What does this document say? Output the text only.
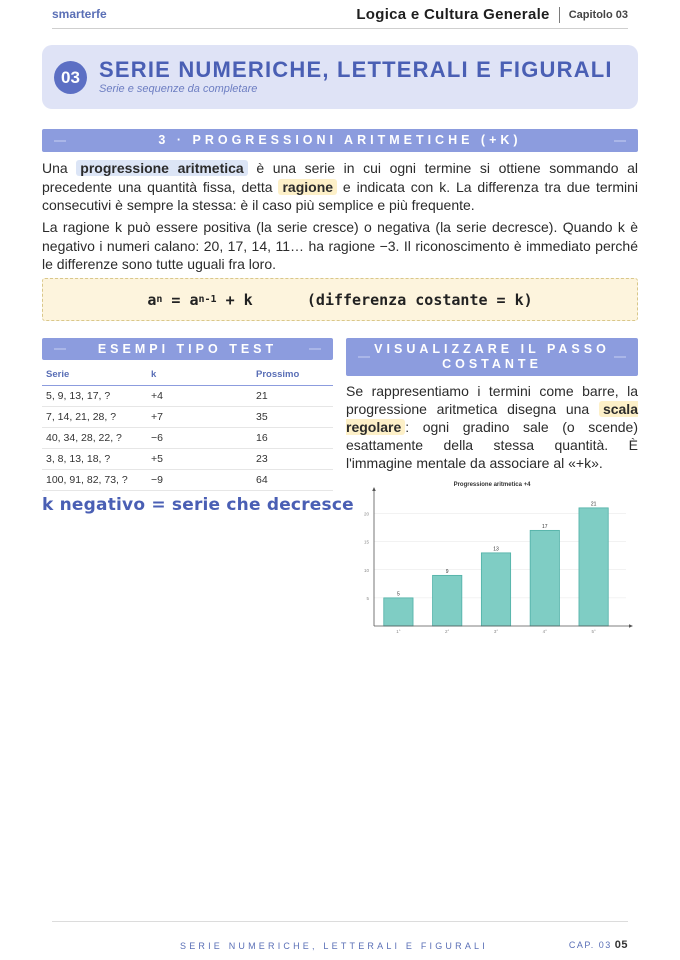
smarterfe	Logica e Cultura Generale Capitolo 03
03 SERIE NUMERICHE, LETTERALI E FIGURALI
Serie e sequenze da completare
3 · PROGRESSIONI ARITMETICHE (+K)
Una progressione aritmetica è una serie in cui ogni termine si ottiene sommando al precedente una quantità fissa, detta ragione e indicata con k. La differenza tra due termini consecutivi è sempre la stessa: è il caso più semplice e più frequente.
La ragione k può essere positiva (la serie cresce) o negativa (la serie decresce). Quando k è negativo i numeri calano: 20, 17, 14, 11… ha ragione −3. Il riconoscimento è immediato perché le differenze sono tutte uguali fra loro.
a n = a n-1 + k      (differenza costante = k)
ESEMPI TIPO TEST
Serie	k	Prossimo
5, 9, 13, 17, ?	+4	21
7, 14, 21, 28, ?	+7	35
40, 34, 28, 22, ?	−6	16
3, 8, 13, 18, ?	+5	23
100, 91, 82, 73, ?	−9	64
k negativo = serie che decresce
VISUALIZZARE IL PASSO
COSTANTE
Se rappresentiamo i termini come barre, la progressione aritmetica disegna una scala regolare : ogni gradino sale (o scende) esattamente della stessa quantità. È l'immagine mentale da associare al «+k».
Progressione aritmetica +4
5
9
13
17
21
5
10
15
20
1°	2°	3°	4°	5°
SERIE NUMERICHE, LETTERALI E FIGURALI	CAP. 03 05
